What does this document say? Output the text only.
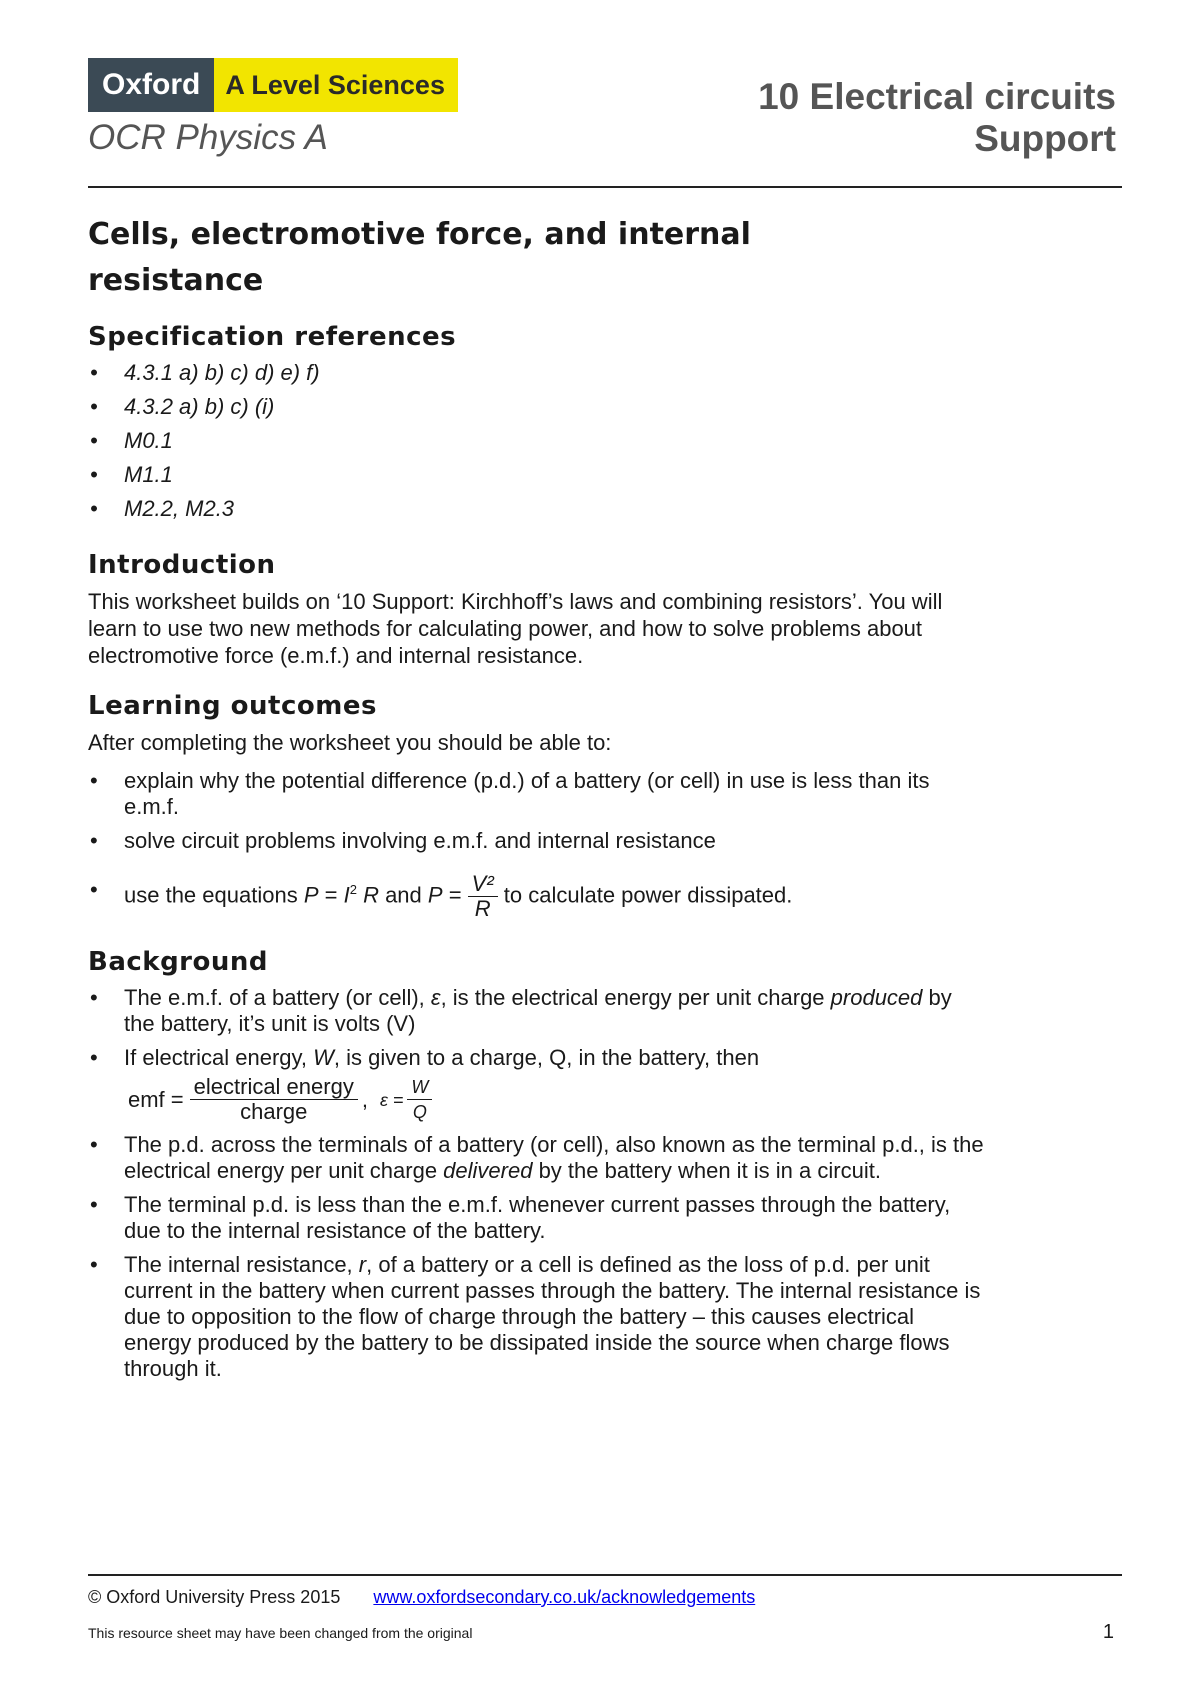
Oxford A Level Sciences
OCR Physics A
10 Electrical circuits
Support
Cells, electromotive force, and internal resistance
Specification references
• 4.3.1 a) b) c) d) e) f)
• 4.3.2 a) b) c) (i)
• M0.1
• M1.1
• M2.2, M2.3
Introduction

This worksheet builds on ‘10 Support: Kirchhoff’s laws and combining resistors’. You will learn to use two new methods for calculating power, and how to solve problems about electromotive force (e.m.f.) and internal resistance.

Learning outcomes

After completing the worksheet you should be able to:

• explain why the potential difference (p.d.) of a battery (or cell) in use is less than its e.m.f.
• solve circuit problems involving e.m.f. and internal resistance
• use the equations $P = I^2$ R and $P = \frac{\text{V²}}{R}$ to calculate power dissipated.
Background
• The e.m.f. of a battery (or cell), ε, is the electrical energy per unit charge produced by the battery, it’s unit is volts (V)
• If electrical energy, W, is given to a charge, Q, in the battery, then
emf = $\frac{\text{electrical energy}}{\text{charge}}$ , $\varepsilon = \frac{W}{Q}$
• The p.d. across the terminals of a battery (or cell), also known as the terminal p.d., is the electrical energy per unit charge delivered by the battery when it is in a circuit.
• The terminal p.d. is less than the e.m.f. whenever current passes through the battery, due to the internal resistance of the battery.
• The internal resistance, r, of a battery or a cell is defined as the loss of p.d. per unit current in the battery when current passes through the battery. The internal resistance is due to opposition to the flow of charge through the battery – this causes electrical energy produced by the battery to be dissipated inside the source when charge flows through it.
© Oxford University Press 2015 www.oxfordsecondary.co.uk/acknowledgements
This resource sheet may have been changed from the original	1
